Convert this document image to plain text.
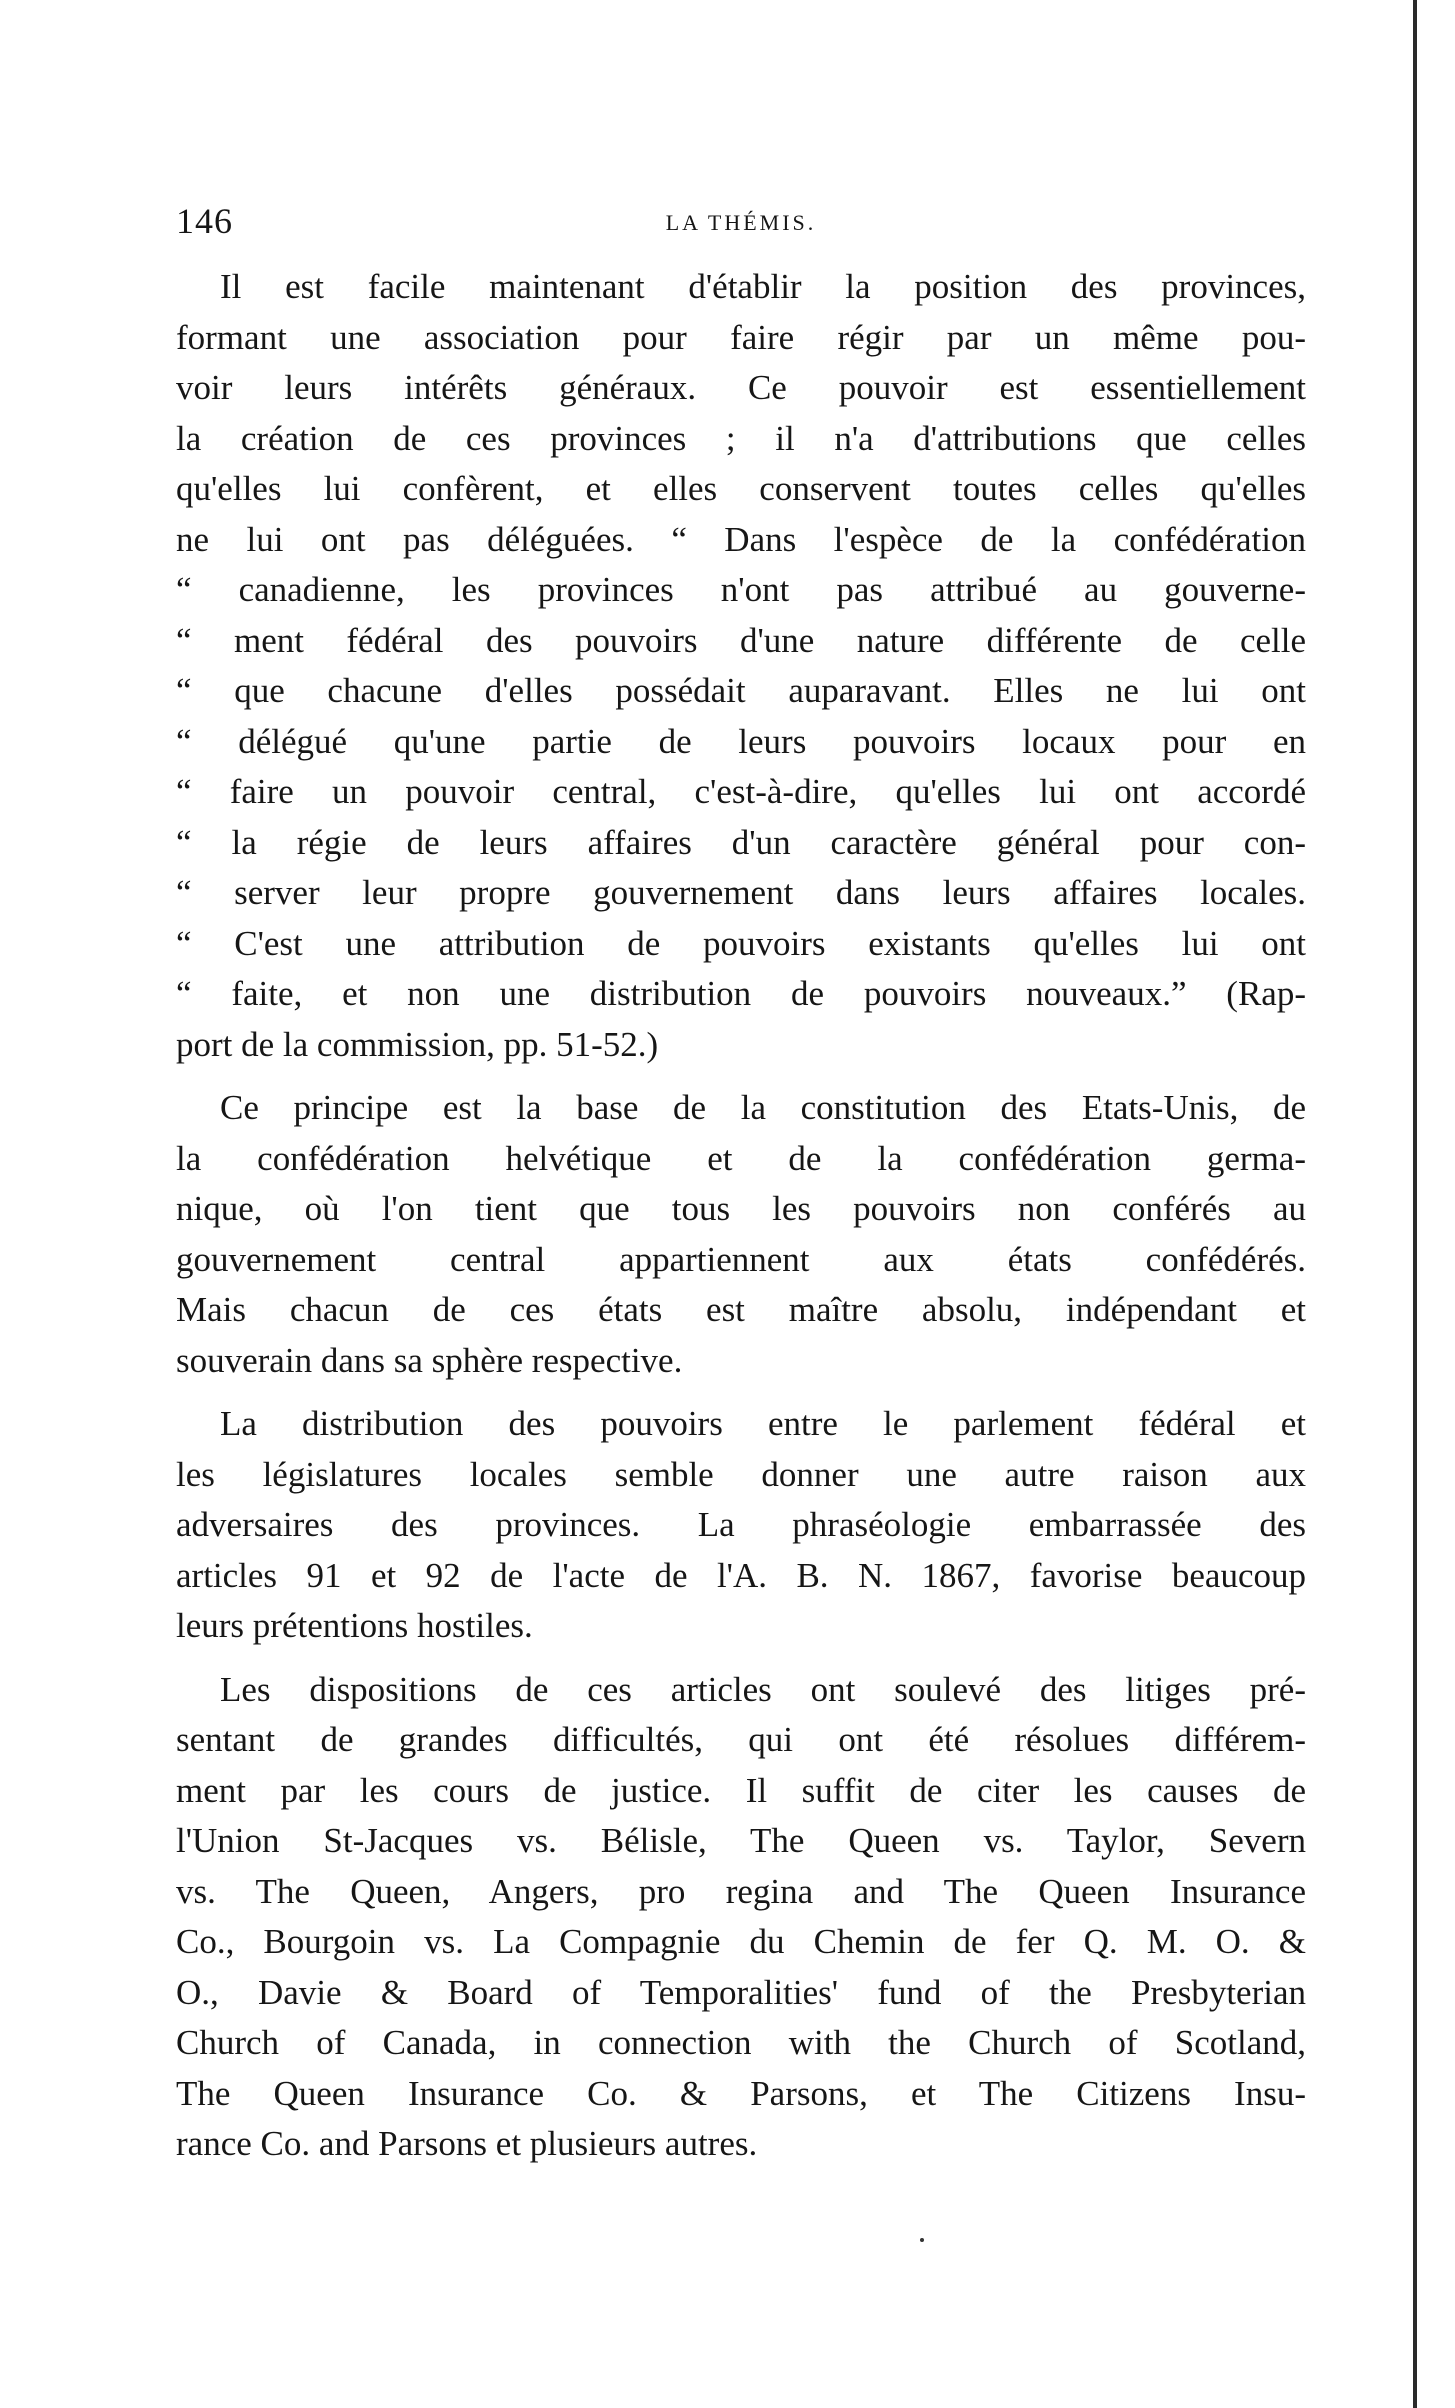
146	LA THÉMIS.
Il est facile maintenant d'établir la position des provinces,
formant une association pour faire régir par un même pou-
voir leurs intérêts généraux. Ce pouvoir est essentiellement
la création de ces provinces ; il n'a d'attributions que celles
qu'elles lui confèrent, et elles conservent toutes celles qu'elles
ne lui ont pas déléguées. “ Dans l'espèce de la confédération
“ canadienne, les provinces n'ont pas attribué au gouverne-
“ ment fédéral des pouvoirs d'une nature différente de celle
“ que chacune d'elles possédait auparavant. Elles ne lui ont
“ délégué qu'une partie de leurs pouvoirs locaux pour en
“ faire un pouvoir central, c'est-à-dire, qu'elles lui ont accordé
“ la régie de leurs affaires d'un caractère général pour con-
“ server leur propre gouvernement dans leurs affaires locales.
“ C'est une attribution de pouvoirs existants qu'elles lui ont
“ faite, et non une distribution de pouvoirs nouveaux.” (Rap-
port de la commission, pp. 51-52.)
Ce principe est la base de la constitution des Etats-Unis, de
la confédération helvétique et de la confédération germa-
nique, où l'on tient que tous les pouvoirs non conférés au
gouvernement central appartiennent aux états confédérés.
Mais chacun de ces états est maître absolu, indépendant et
souverain dans sa sphère respective.
La distribution des pouvoirs entre le parlement fédéral et
les législatures locales semble donner une autre raison aux
adversaires des provinces. La phraséologie embarrassée des
articles 91 et 92 de l'acte de l'A. B. N. 1867, favorise beaucoup
leurs prétentions hostiles.
Les dispositions de ces articles ont soulevé des litiges pré-
sentant de grandes difficultés, qui ont été résolues différem-
ment par les cours de justice. Il suffit de citer les causes de
l'Union St-Jacques vs. Bélisle, The Queen vs. Taylor, Severn
vs. The Queen, Angers, pro regina and The Queen Insurance
Co., Bourgoin vs. La Compagnie du Chemin de fer Q. M. O. &
O., Davie & Board of Temporalities' fund of the Presbyterian
Church of Canada, in connection with the Church of Scotland,
The Queen Insurance Co. & Parsons, et The Citizens Insu-
rance Co. and Parsons et plusieurs autres.
